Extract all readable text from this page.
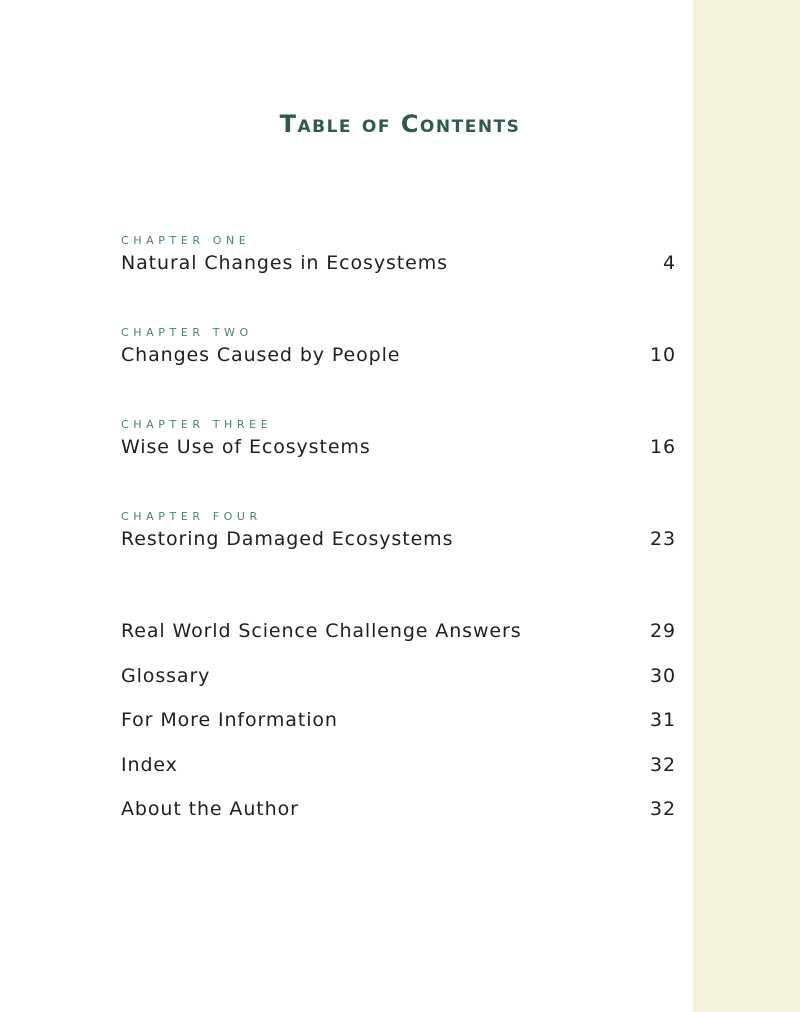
Table of Contents
CHAPTER ONE
Natural Changes in Ecosystems	4
CHAPTER TWO
Changes Caused by People	10
CHAPTER THREE
Wise Use of Ecosystems	16
CHAPTER FOUR
Restoring Damaged Ecosystems	23
Real World Science Challenge Answers	29
Glossary	30
For More Information	31
Index	32
About the Author	32
